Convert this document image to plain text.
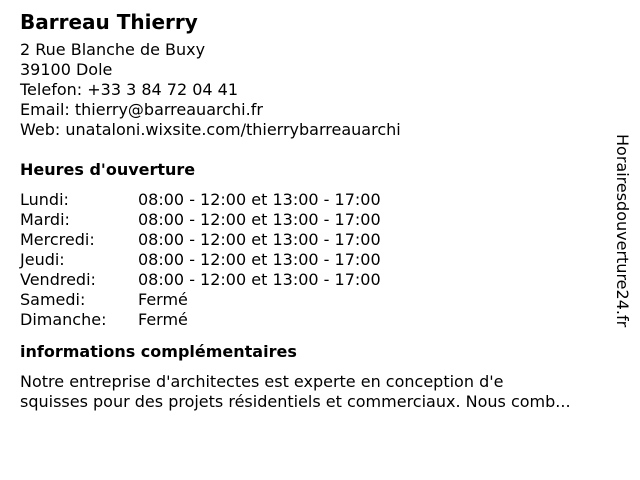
Barreau Thierry
2 Rue Blanche de Buxy
39100 Dole
Telefon: +33 3 84 72 04 41
Email: thierry@barreauarchi.fr
Web: unataloni.wixsite.com/thierrybarreauarchi
Heures d'ouverture
Lundi:	08:00 - 12:00 et 13:00 - 17:00
Mardi:	08:00 - 12:00 et 13:00 - 17:00
Mercredi:	08:00 - 12:00 et 13:00 - 17:00
Jeudi:	08:00 - 12:00 et 13:00 - 17:00
Vendredi:	08:00 - 12:00 et 13:00 - 17:00
Samedi:	Fermé
Dimanche:	Fermé
informations complémentaires
Notre entreprise d'architectes est experte en conception d'e
squisses pour des projets résidentiels et commerciaux. Nous comb...
Horairesdouverture24.fr
